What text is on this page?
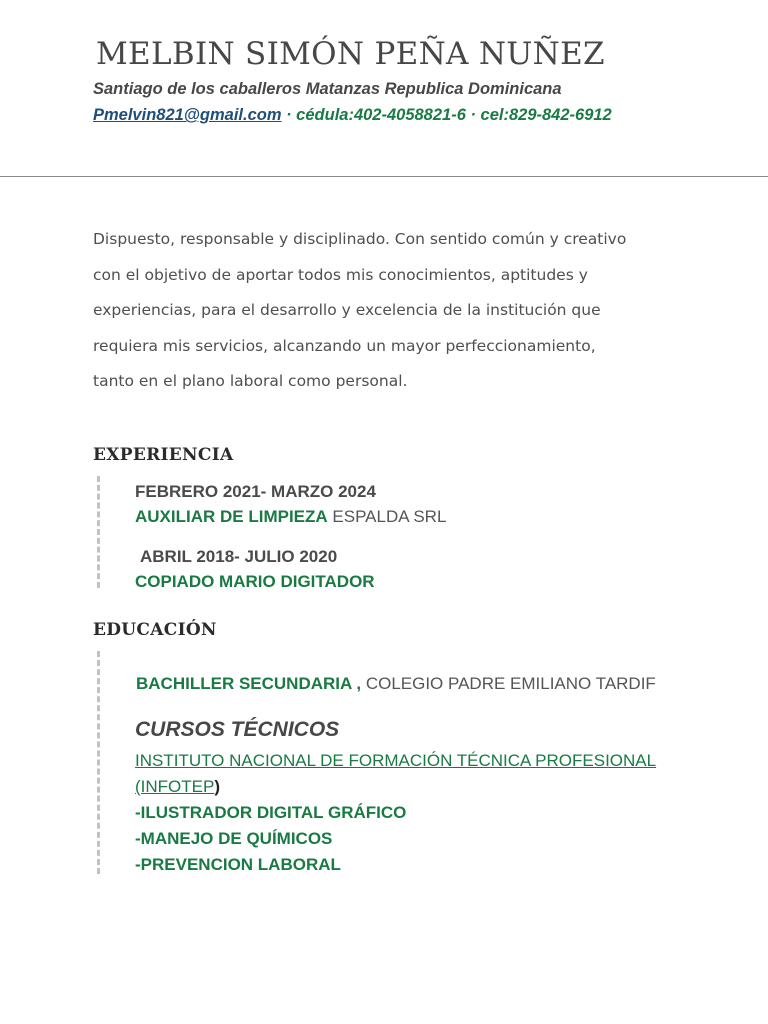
MELBIN SIMÓN PEÑA NUÑEZ
Santiago de los caballeros Matanzas Republica Dominicana
Pmelvin821@gmail.com · cédula:402-4058821-6 · cel:829-842-6912

Dispuesto, responsable y disciplinado. Con sentido común y creativo

con el objetivo de aportar todos mis conocimientos, aptitudes y

experiencias, para el desarrollo y excelencia de la institución que

requiera mis servicios, alcanzando un mayor perfeccionamiento,

tanto en el plano laboral como personal.

EXPERIENCIA
FEBRERO 2021- MARZO 2024
AUXILIAR DE LIMPIEZA ESPALDA SRL
ABRIL 2018- JULIO 2020
COPIADO MARIO DIGITADOR
EDUCACIÓN
BACHILLER SECUNDARIA , COLEGIO PADRE EMILIANO TARDIF
CURSOS TÉCNICOS
INSTITUTO NACIONAL DE FORMACIÓN TÉCNICA PROFESIONAL
(INFOTEP)
-ILUSTRADOR DIGITAL GRÁFICO
-MANEJO DE QUÍMICOS
-PREVENCION LABORAL
